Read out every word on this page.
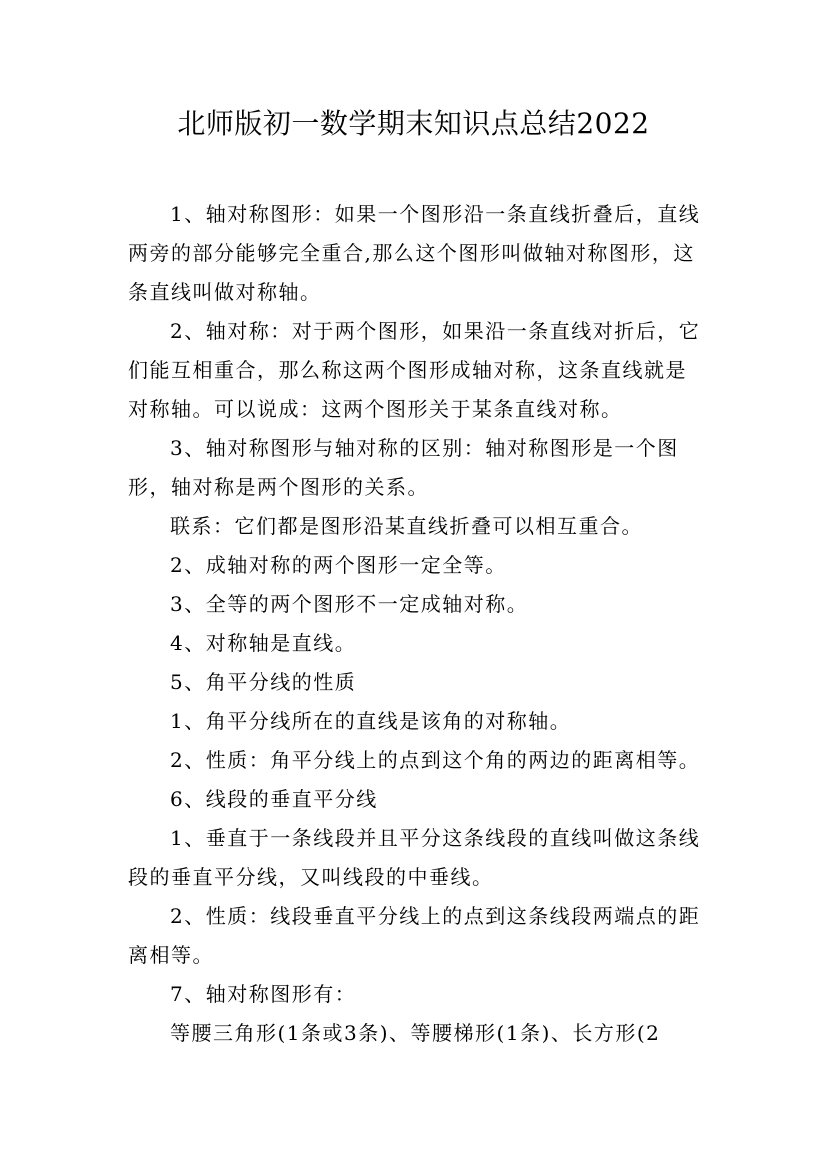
北师版初一数学期末知识点总结2022

1、轴对称图形：如果一个图形沿一条直线折叠后，直线两旁的部分能够完全重合,那么这个图形叫做轴对称图形，这条直线叫做对称轴。

2、轴对称：对于两个图形，如果沿一条直线对折后，它们能互相重合，那么称这两个图形成轴对称，这条直线就是对称轴。可以说成：这两个图形关于某条直线对称。

3、轴对称图形与轴对称的区别：轴对称图形是一个图形，轴对称是两个图形的关系。

联系：它们都是图形沿某直线折叠可以相互重合。

2、成轴对称的两个图形一定全等。

3、全等的两个图形不一定成轴对称。

4、对称轴是直线。

5、角平分线的性质

1、角平分线所在的直线是该角的对称轴。

2、性质：角平分线上的点到这个角的两边的距离相等。

6、线段的垂直平分线

1、垂直于一条线段并且平分这条线段的直线叫做这条线段的垂直平分线，又叫线段的中垂线。

2、性质：线段垂直平分线上的点到这条线段两端点的距离相等。

7、轴对称图形有：

等腰三角形(1条或3条)、等腰梯形(1条)、长方形(2
